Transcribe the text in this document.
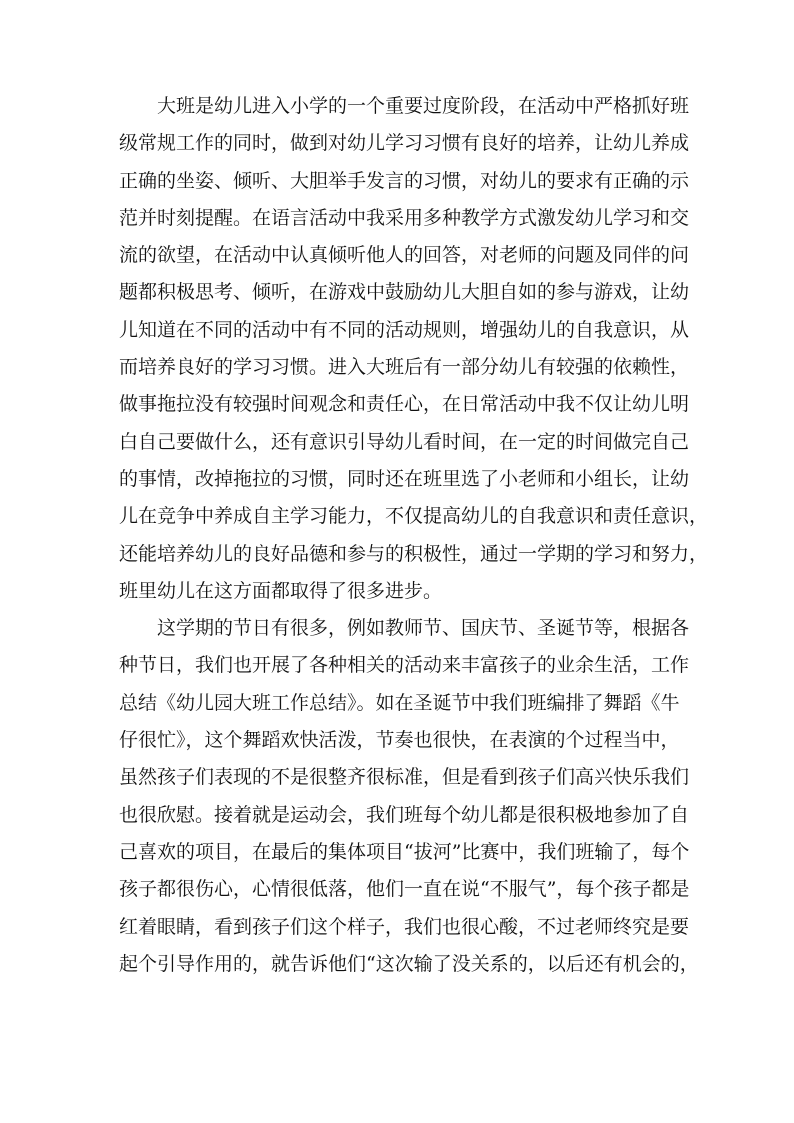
大班是幼儿进入小学的一个重要过度阶段，在活动中严格抓好班
级常规工作的同时，做到对幼儿学习习惯有良好的培养，让幼儿养成
正确的坐姿、倾听、大胆举手发言的习惯，对幼儿的要求有正确的示
范并时刻提醒。在语言活动中我采用多种教学方式激发幼儿学习和交
流的欲望，在活动中认真倾听他人的回答，对老师的问题及同伴的问
题都积极思考、倾听，在游戏中鼓励幼儿大胆自如的参与游戏，让幼
儿知道在不同的活动中有不同的活动规则，增强幼儿的自我意识，从
而培养良好的学习习惯。进入大班后有一部分幼儿有较强的依赖性，
做事拖拉没有较强时间观念和责任心，在日常活动中我不仅让幼儿明
白自己要做什么，还有意识引导幼儿看时间，在一定的时间做完自己
的事情，改掉拖拉的习惯，同时还在班里选了小老师和小组长，让幼
儿在竞争中养成自主学习能力，不仅提高幼儿的自我意识和责任意识，
还能培养幼儿的良好品德和参与的积极性，通过一学期的学习和努力，
班里幼儿在这方面都取得了很多进步。
这学期的节日有很多，例如教师节、国庆节、圣诞节等，根据各
种节日，我们也开展了各种相关的活动来丰富孩子的业余生活，工作
总结《幼儿园大班工作总结》。如在圣诞节中我们班编排了舞蹈《牛
仔很忙》，这个舞蹈欢快活泼，节奏也很快，在表演的个过程当中，
虽然孩子们表现的不是很整齐很标准，但是看到孩子们高兴快乐我们
也很欣慰。接着就是运动会，我们班每个幼儿都是很积极地参加了自
己喜欢的项目，在最后的集体项目“拔河”比赛中，我们班输了，每个
孩子都很伤心，心情很低落，他们一直在说“不服气”，每个孩子都是
红着眼睛，看到孩子们这个样子，我们也很心酸，不过老师终究是要
起个引导作用的，就告诉他们“这次输了没关系的，以后还有机会的，
